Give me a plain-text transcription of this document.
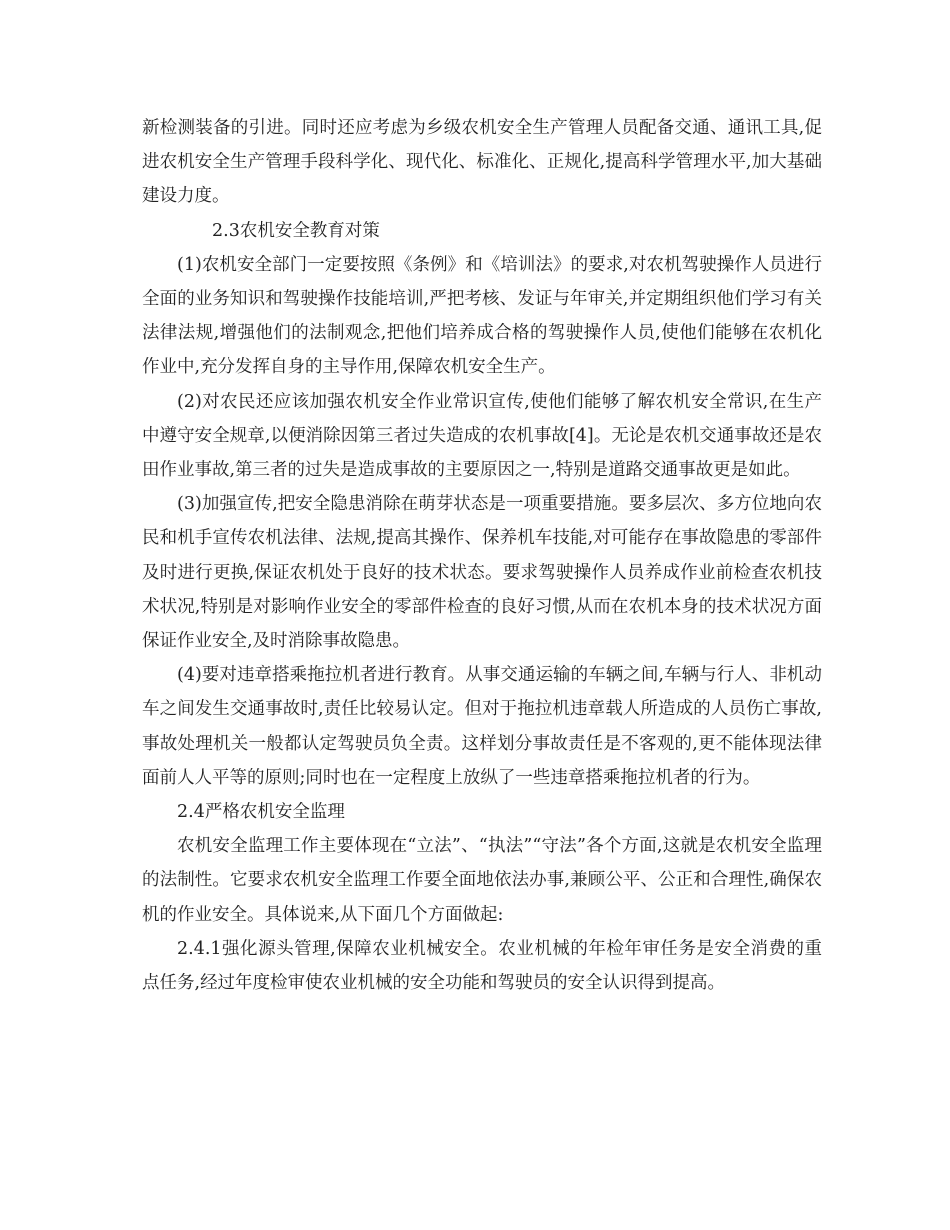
新检测装备的引进。同时还应考虑为乡级农机安全生产管理人员配备交通、通讯工具,促进农机安全生产管理手段科学化、现代化、标准化、正规化,提高科学管理水平,加大基础建设力度。

2.3农机安全教育对策

(1)农机安全部门一定要按照《条例》和《培训法》的要求,对农机驾驶操作人员进行全面的业务知识和驾驶操作技能培训,严把考核、发证与年审关,并定期组织他们学习有关法律法规,增强他们的法制观念,把他们培养成合格的驾驶操作人员,使他们能够在农机化作业中,充分发挥自身的主导作用,保障农机安全生产。

(2)对农民还应该加强农机安全作业常识宣传,使他们能够了解农机安全常识,在生产中遵守安全规章,以便消除因第三者过失造成的农机事故[4]。无论是农机交通事故还是农田作业事故,第三者的过失是造成事故的主要原因之一,特别是道路交通事故更是如此。

(3)加强宣传,把安全隐患消除在萌芽状态是一项重要措施。要多层次、多方位地向农民和机手宣传农机法律、法规,提高其操作、保养机车技能,对可能存在事故隐患的零部件及时进行更换,保证农机处于良好的技术状态。要求驾驶操作人员养成作业前检查农机技术状况,特别是对影响作业安全的零部件检查的良好习惯,从而在农机本身的技术状况方面保证作业安全,及时消除事故隐患。

(4)要对违章搭乘拖拉机者进行教育。从事交通运输的车辆之间,车辆与行人、非机动车之间发生交通事故时,责任比较易认定。但对于拖拉机违章载人所造成的人员伤亡事故,事故处理机关一般都认定驾驶员负全责。这样划分事故责任是不客观的,更不能体现法律面前人人平等的原则;同时也在一定程度上放纵了一些违章搭乘拖拉机者的行为。

2.4严格农机安全监理

农机安全监理工作主要体现在“立法”、“执法”“守法”各个方面,这就是农机安全监理的法制性。它要求农机安全监理工作要全面地依法办事,兼顾公平、公正和合理性,确保农机的作业安全。具体说来,从下面几个方面做起:

2.4.1强化源头管理,保障农业机械安全。农业机械的年检年审任务是安全消费的重点任务,经过年度检审使农业机械的安全功能和驾驶员的安全认识得到提高。
